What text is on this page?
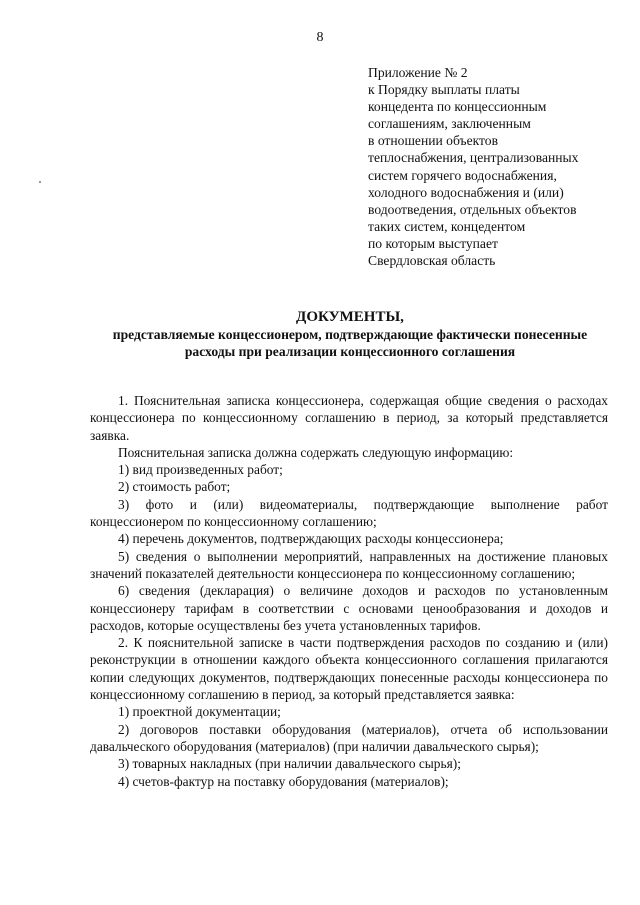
8
Приложение № 2
к Порядку выплаты платы
концедента по концессионным
соглашениям, заключенным
в отношении объектов
теплоснабжения, централизованных
систем горячего водоснабжения,
холодного водоснабжения и (или)
водоотведения, отдельных объектов
таких систем, концедентом
по которым выступает
Свердловская область
ДОКУМЕНТЫ,
представляемые концессионером, подтверждающие фактически понесенные
расходы при реализации концессионного соглашения

1. Пояснительная записка концессионера, содержащая общие сведения о расходах концессионера по концессионному соглашению в период, за который представляется заявка.

Пояснительная записка должна содержать следующую информацию:

1) вид произведенных работ;

2) стоимость работ;

3) фото и (или) видеоматериалы, подтверждающие выполнение работ концессионером по концессионному соглашению;

4) перечень документов, подтверждающих расходы концессионера;

5) сведения о выполнении мероприятий, направленных на достижение плановых значений показателей деятельности концессионера по концессионному соглашению;

6) сведения (декларация) о величине доходов и расходов по установленным концессионеру тарифам в соответствии с основами ценообразования и доходов и расходов, которые осуществлены без учета установленных тарифов.

2. К пояснительной записке в части подтверждения расходов по созданию и (или) реконструкции в отношении каждого объекта концессионного соглашения прилагаются копии следующих документов, подтверждающих понесенные расходы концессионера по концессионному соглашению в период, за который представляется заявка:

1) проектной документации;

2) договоров поставки оборудования (материалов), отчета об использовании давальческого оборудования (материалов) (при наличии давальческого сырья);

3) товарных накладных (при наличии давальческого сырья);

4) счетов-фактур на поставку оборудования (материалов);
